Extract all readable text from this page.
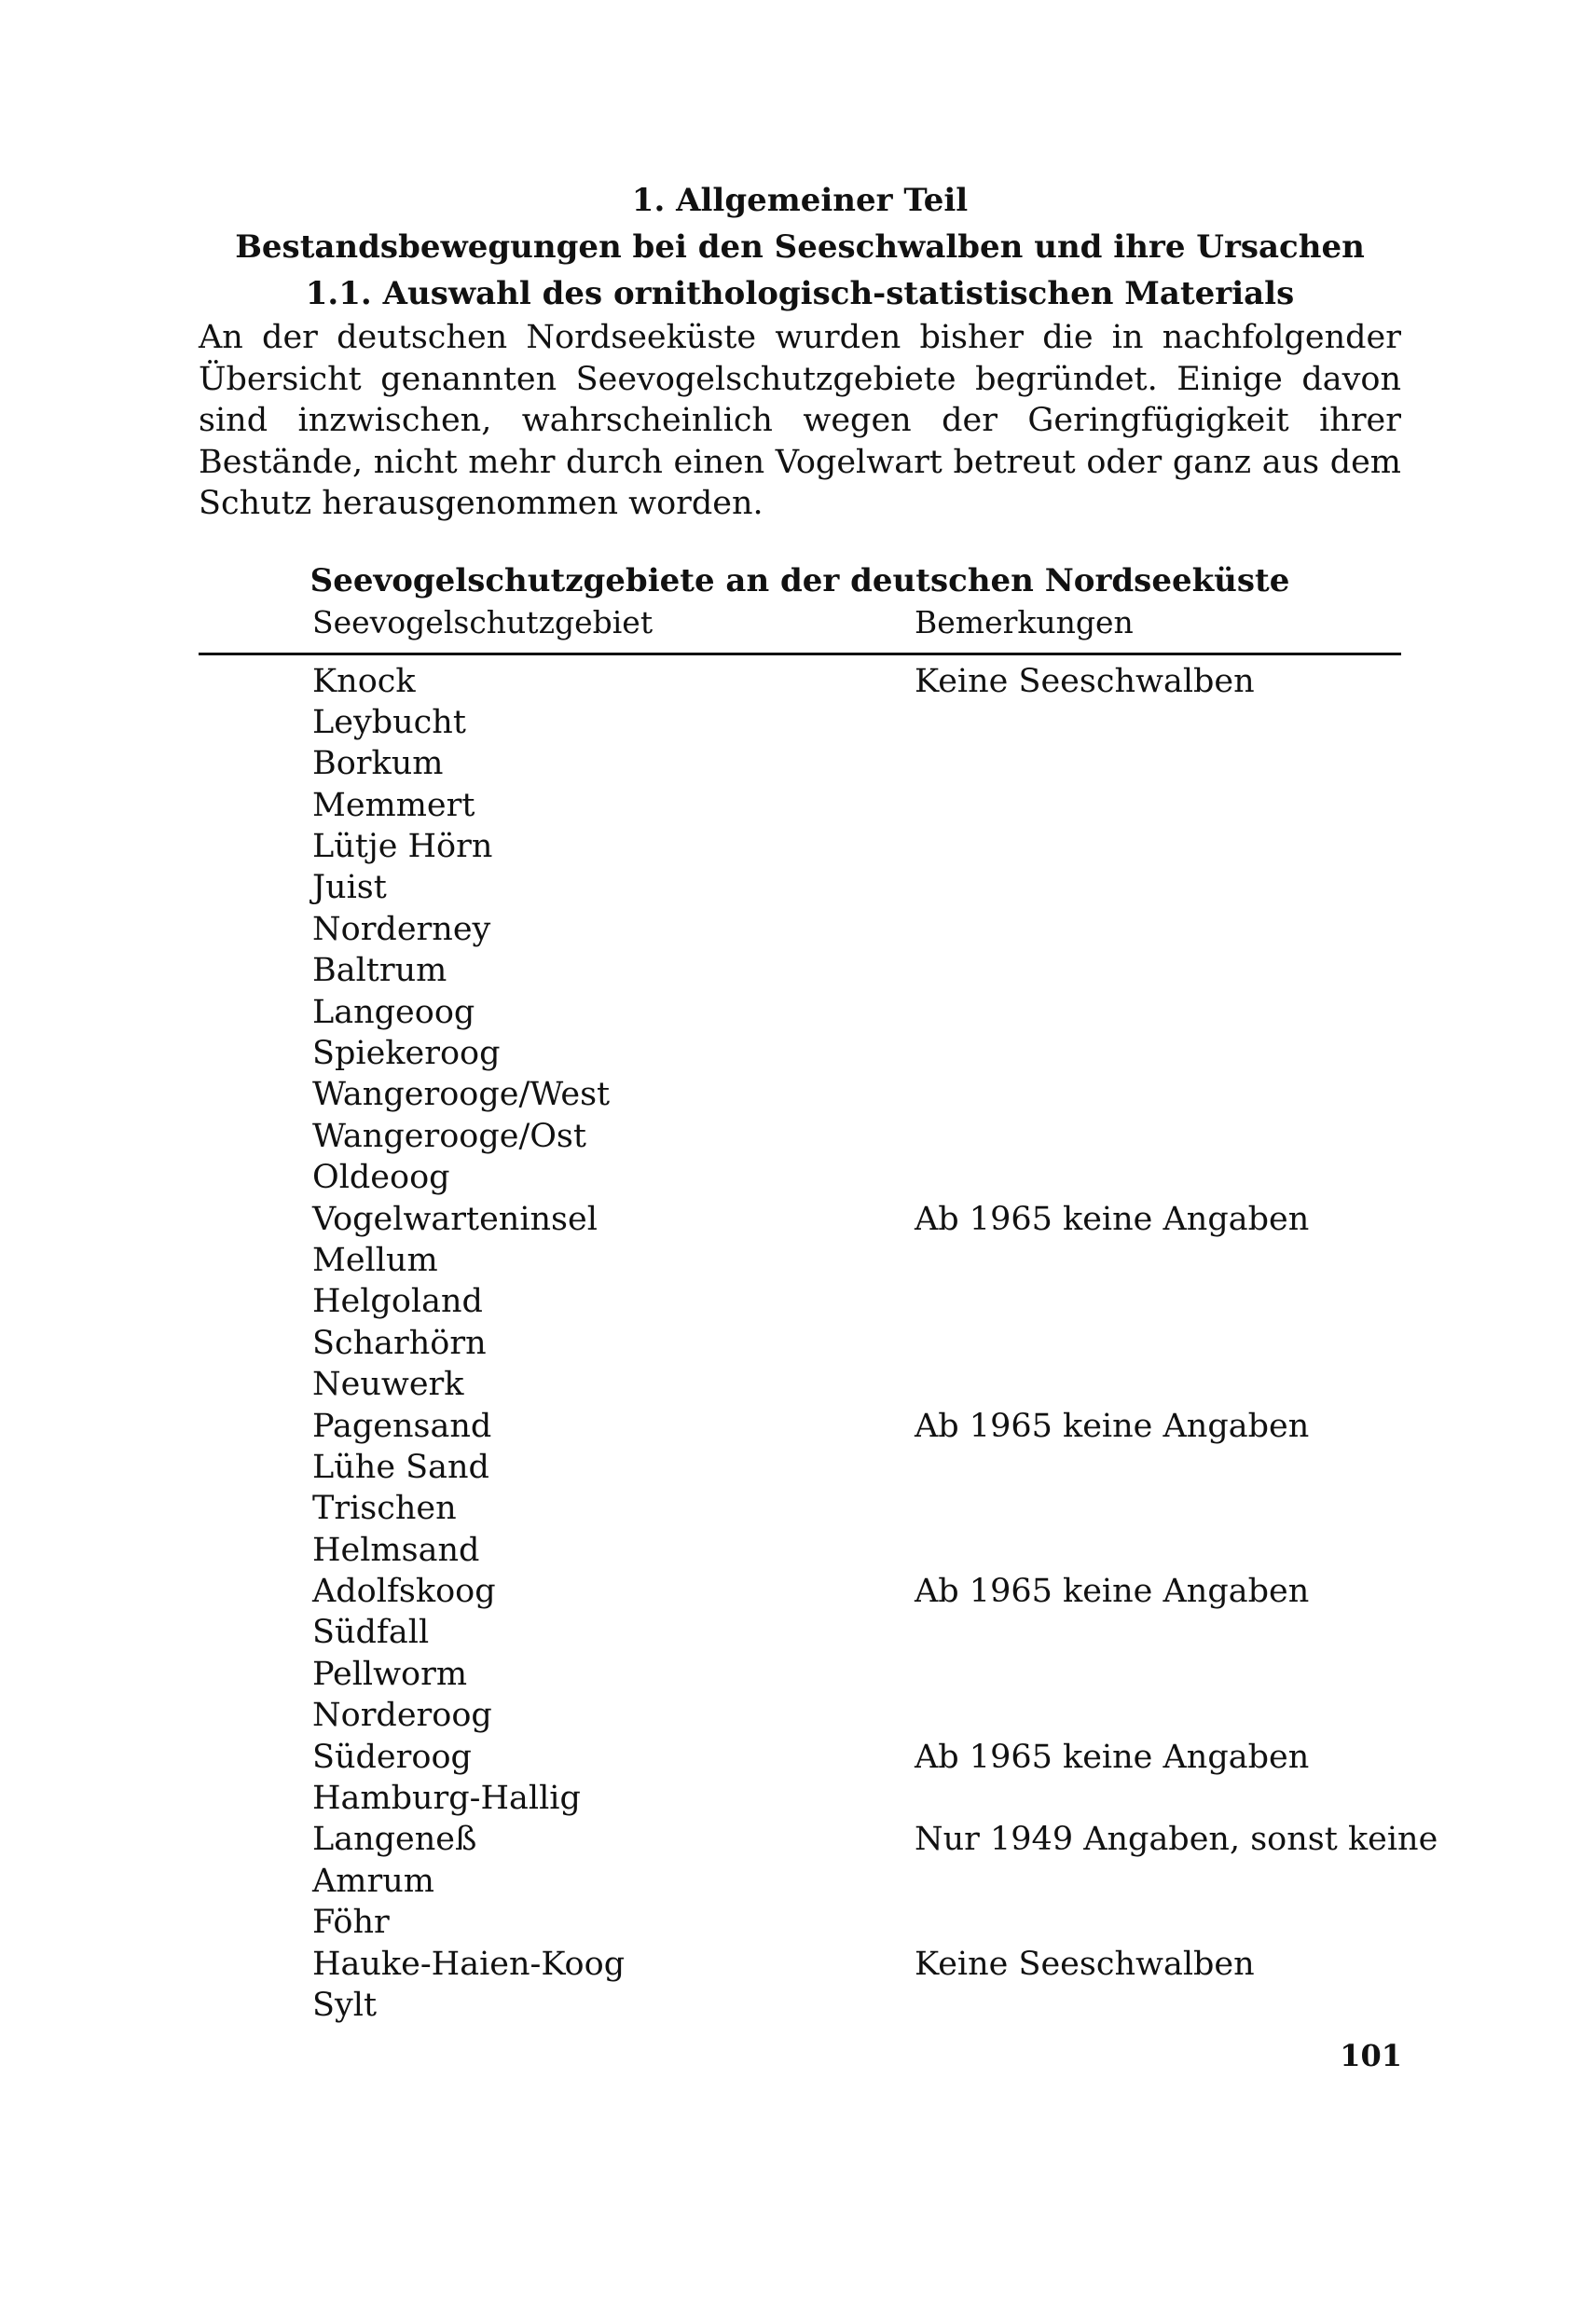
1. Allgemeiner Teil
Bestandsbewegungen bei den Seeschwalben und ihre Ursachen
1.1. Auswahl des ornithologisch-statistischen Materials

An der deutschen Nordseeküste wurden bisher die in nachfolgender Übersicht genannten Seevogelschutzgebiete begründet. Einige davon sind inzwischen, wahrscheinlich wegen der Geringfügigkeit ihrer Bestände, nicht mehr durch einen Vogelwart betreut oder ganz aus dem Schutz herausgenommen worden.

Seevogelschutzgebiete an der deutschen Nordseeküste
Seevogelschutzgebiet	Bemerkungen
Knock	Keine Seeschwalben
Leybucht
Borkum
Memmert
Lütje Hörn
Juist
Norderney
Baltrum
Langeoog
Spiekeroog
Wangerooge/West
Wangerooge/Ost
Oldeoog
Vogelwarteninsel	Ab 1965 keine Angaben
Mellum
Helgoland
Scharhörn
Neuwerk
Pagensand	Ab 1965 keine Angaben
Lühe Sand
Trischen
Helmsand
Adolfskoog	Ab 1965 keine Angaben
Südfall
Pellworm
Norderoog
Süderoog	Ab 1965 keine Angaben
Hamburg-Hallig
Langeneß	Nur 1949 Angaben, sonst keine
Amrum
Föhr
Hauke-Haien-Koog	Keine Seeschwalben
Sylt
101
